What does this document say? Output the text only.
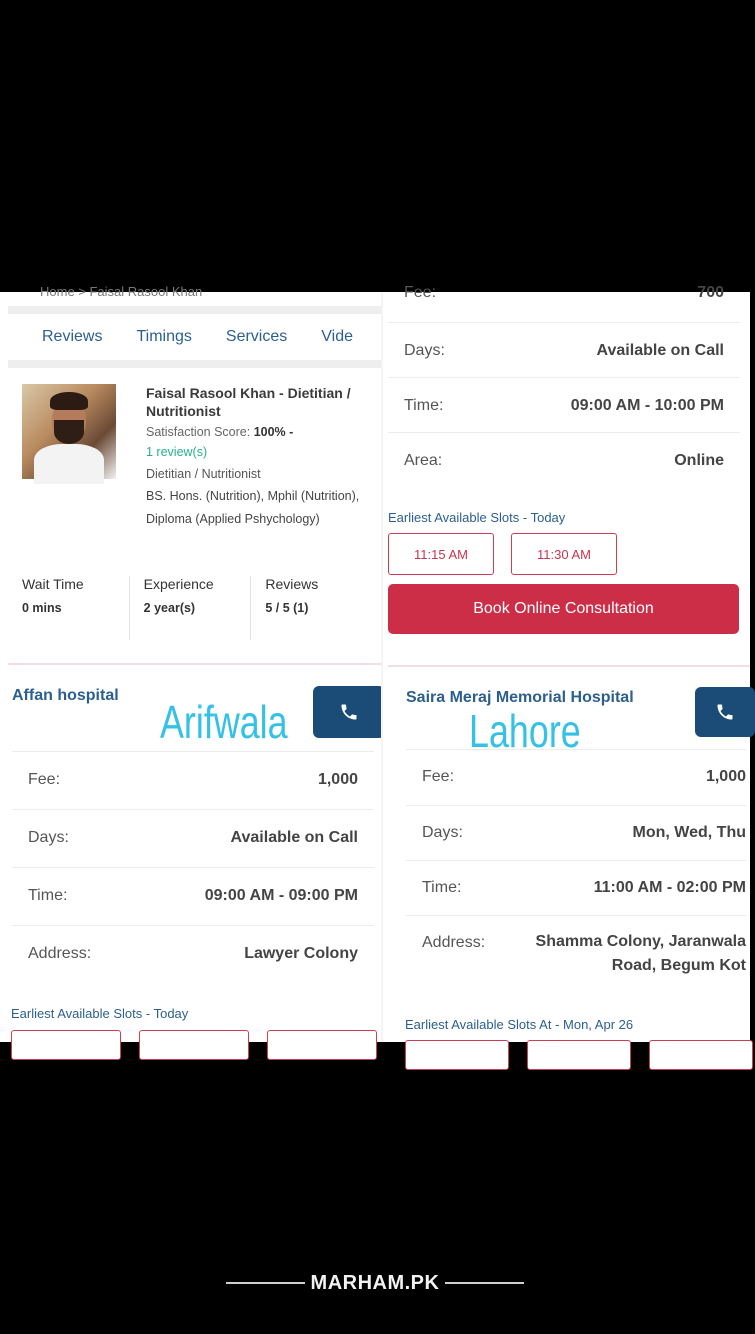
Home > Faisal Rasool Khan
Reviews Timings Services Vide
Faisal Rasool Khan - Dietitian / Nutritionist
Satisfaction Score: 100% -
1 review(s)
Dietitian / Nutritionist
BS. Hons. (Nutrition), Mphil (Nutrition), Diploma (Applied Pshychology)
Wait Time
0 mins
Experience
2 year(s)
Reviews
5 / 5 (1)
Affan hospital
Arifwala
Fee:	1,000
Days:	Available on Call
Time:	09:00 AM - 09:00 PM
Address:	Lawyer Colony
Earliest Available Slots - Today
Fee:	700
Days:	Available on Call
Time:	09:00 AM - 10:00 PM
Area:	Online
Earliest Available Slots - Today
11:15 AM	11:30 AM
Book Online Consultation
Saira Meraj Memorial Hospital
Lahore
Fee:	1,000
Days:	Mon, Wed, Thu
Time:	11:00 AM - 02:00 PM
Address:	Shamma Colony, Jaranwala Road, Begum Kot
Earliest Available Slots At - Mon, Apr 26
MARHAM.PK
